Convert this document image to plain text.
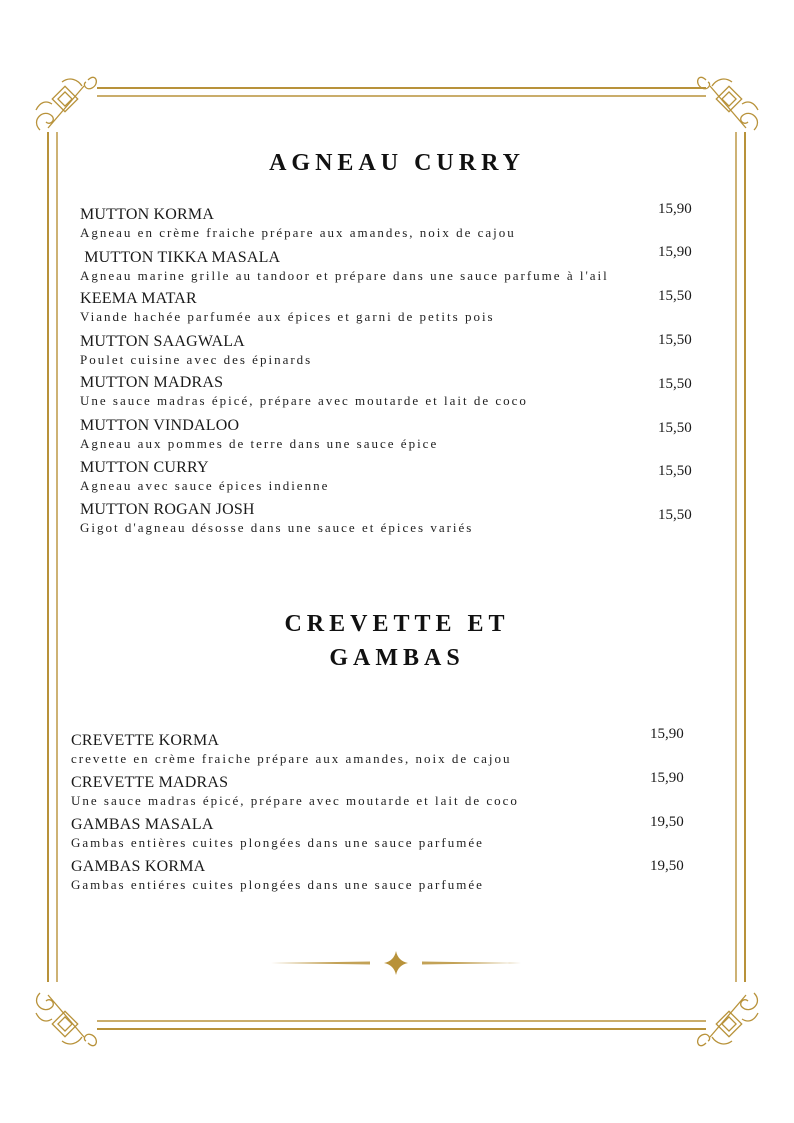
AGNEAU CURRY
MUTTON KORMA
Agneau en crème fraiche prépare aux amandes, noix de cajou
15,90
MUTTON TIKKA MASALA
Agneau marine grille au tandoor et prépare dans une sauce parfume à l'ail
15,90
KEEMA MATAR
Viande hachée parfumée aux épices et garni de petits pois
15,50
MUTTON SAAGWALA
Poulet cuisine avec des épinards
15,50
MUTTON MADRAS
Une sauce madras épicé, prépare avec moutarde et lait de coco
15,50
MUTTON VINDALOO
Agneau aux pommes de terre dans une sauce épice
15,50
MUTTON CURRY
Agneau avec sauce épices indienne
15,50
MUTTON ROGAN JOSH
Gigot d'agneau désosse dans une sauce et épices variés
15,50
CREVETTE ET
GAMBAS
CREVETTE KORMA
crevette en crème fraiche prépare aux amandes, noix de cajou
15,90
CREVETTE MADRAS
Une sauce madras épicé, prépare avec moutarde et lait de coco
15,90
GAMBAS MASALA
Gambas entières cuites plongées dans une sauce parfumée
19,50
GAMBAS KORMA
Gambas entiéres cuites plongées dans une sauce parfumée
19,50
